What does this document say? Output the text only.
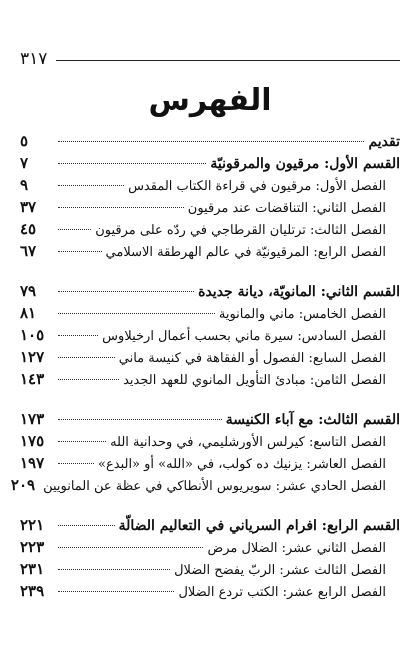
٣١٧
الفهرس
تقديم
٥
القسم الأول: مرقيون والمرقونيّة
٧
الفصل الأول: مرقيون في قراءة الكتاب المقدس
٩
الفصل الثاني: التناقضات عند مرقيون
٣٧
الفصل الثالث: ترتليان القرطاجي في ردّه على مرقيون
٤٥
الفصل الرابع: المرقيونيّة في عالم الهرطقة الاسلامي
٦٧
القسم الثاني: المانويّة، ديانة جديدة
٧٩
الفصل الخامس: ماني والمانوية
٨١
الفصل السادس: سيرة ماني بحسب أعمال ارخيلاوس
١٠٥
الفصل السابع: الفصول أو الفقاهة في كنيسة ماني
١٢٧
الفصل الثامن: مبادئ التأويل المانوي للعهد الجديد
١٤٣
القسم الثالث: مع آباء الكنيسة
١٧٣
الفصل التاسع: كيرلس الأورشليمي، في وحدانية الله
١٧٥
الفصل العاشر: يزنيك ده كولب، في «الله» أو «البدع»
١٩٧
الفصل الحادي عشر: سويريوس الأنطاكي في عظة عن المانويين
٢٠٩
القسم الرابع: افرام السرياني في التعاليم الضالّة
٢٢١
الفصل الثاني عشر: الضلال مرض
٢٢٣
الفصل الثالث عشر: الربّ يفضح الضلال
٢٣١
الفصل الرابع عشر: الكتب تردع الضلال
٢٣٩
